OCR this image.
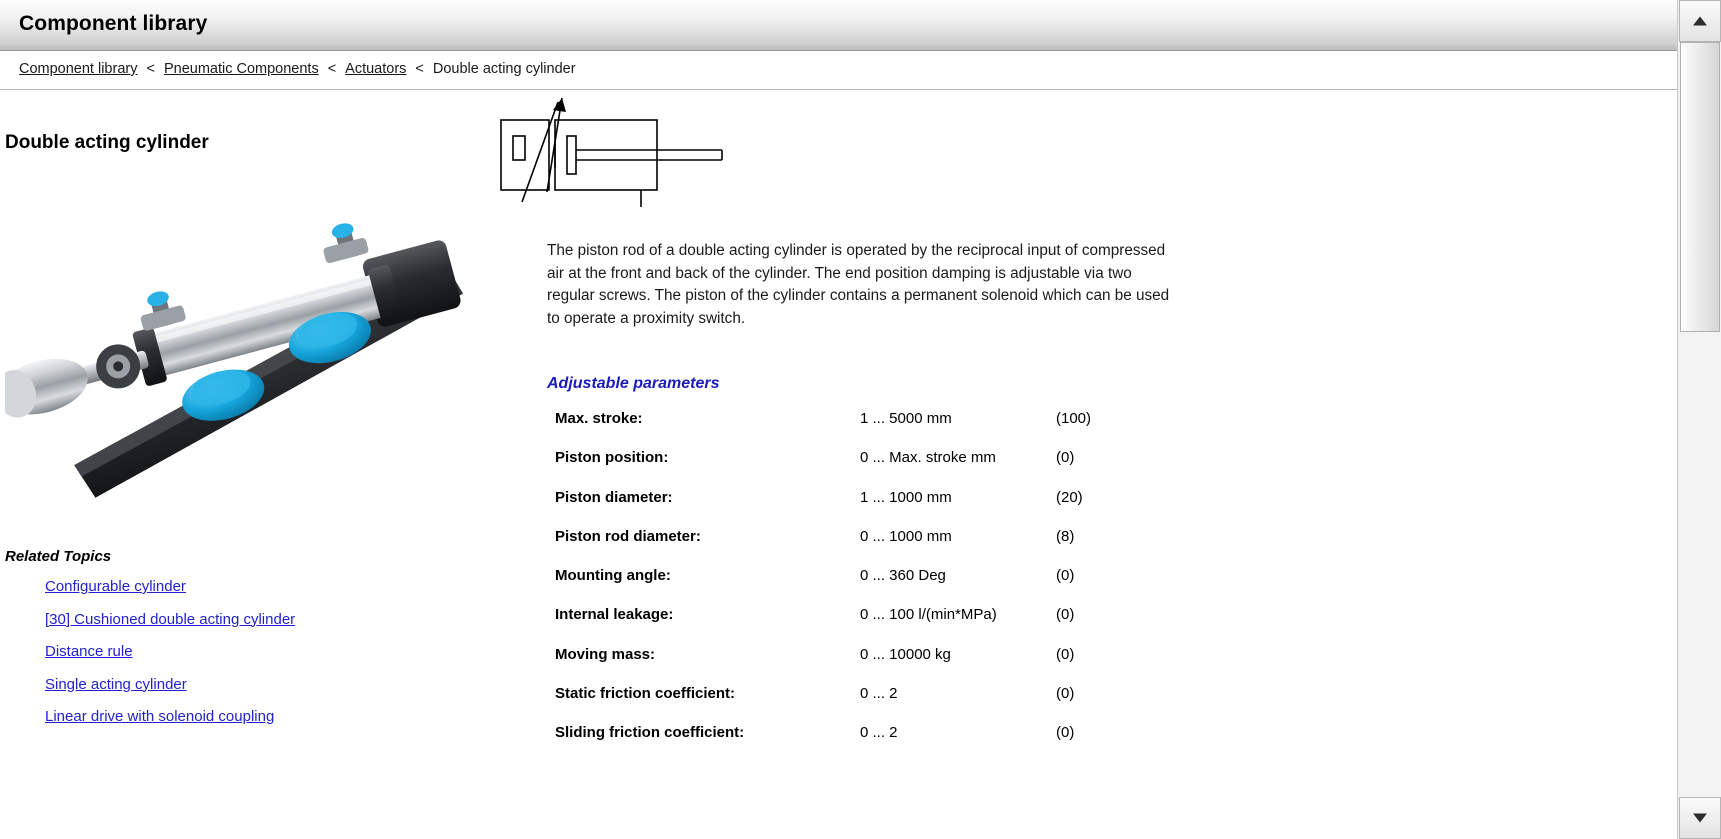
Component library
Component library < Pneumatic Components < Actuators < Double acting cylinder
Double acting cylinder
Related Topics
Configurable cylinder
[30] Cushioned double acting cylinder
Distance rule
Single acting cylinder
Linear drive with solenoid coupling
The piston rod of a double acting cylinder is operated by the reciprocal input of compressed air at the front and back of the cylinder. The end position damping is adjustable via two regular screws. The piston of the cylinder contains a permanent solenoid which can be used to operate a proximity switch.
Adjustable parameters
Max. stroke:	1 ... 5000 mm	(100)
Piston position:	0 ... Max. stroke mm	(0)
Piston diameter:	1 ... 1000 mm	(20)
Piston rod diameter:	0 ... 1000 mm	(8)
Mounting angle:	0 ... 360 Deg	(0)
Internal leakage:	0 ... 100 l/(min*MPa)	(0)
Moving mass:	0 ... 10000 kg	(0)
Static friction coefficient:	0 ... 2	(0)
Sliding friction coefficient:	0 ... 2	(0)
